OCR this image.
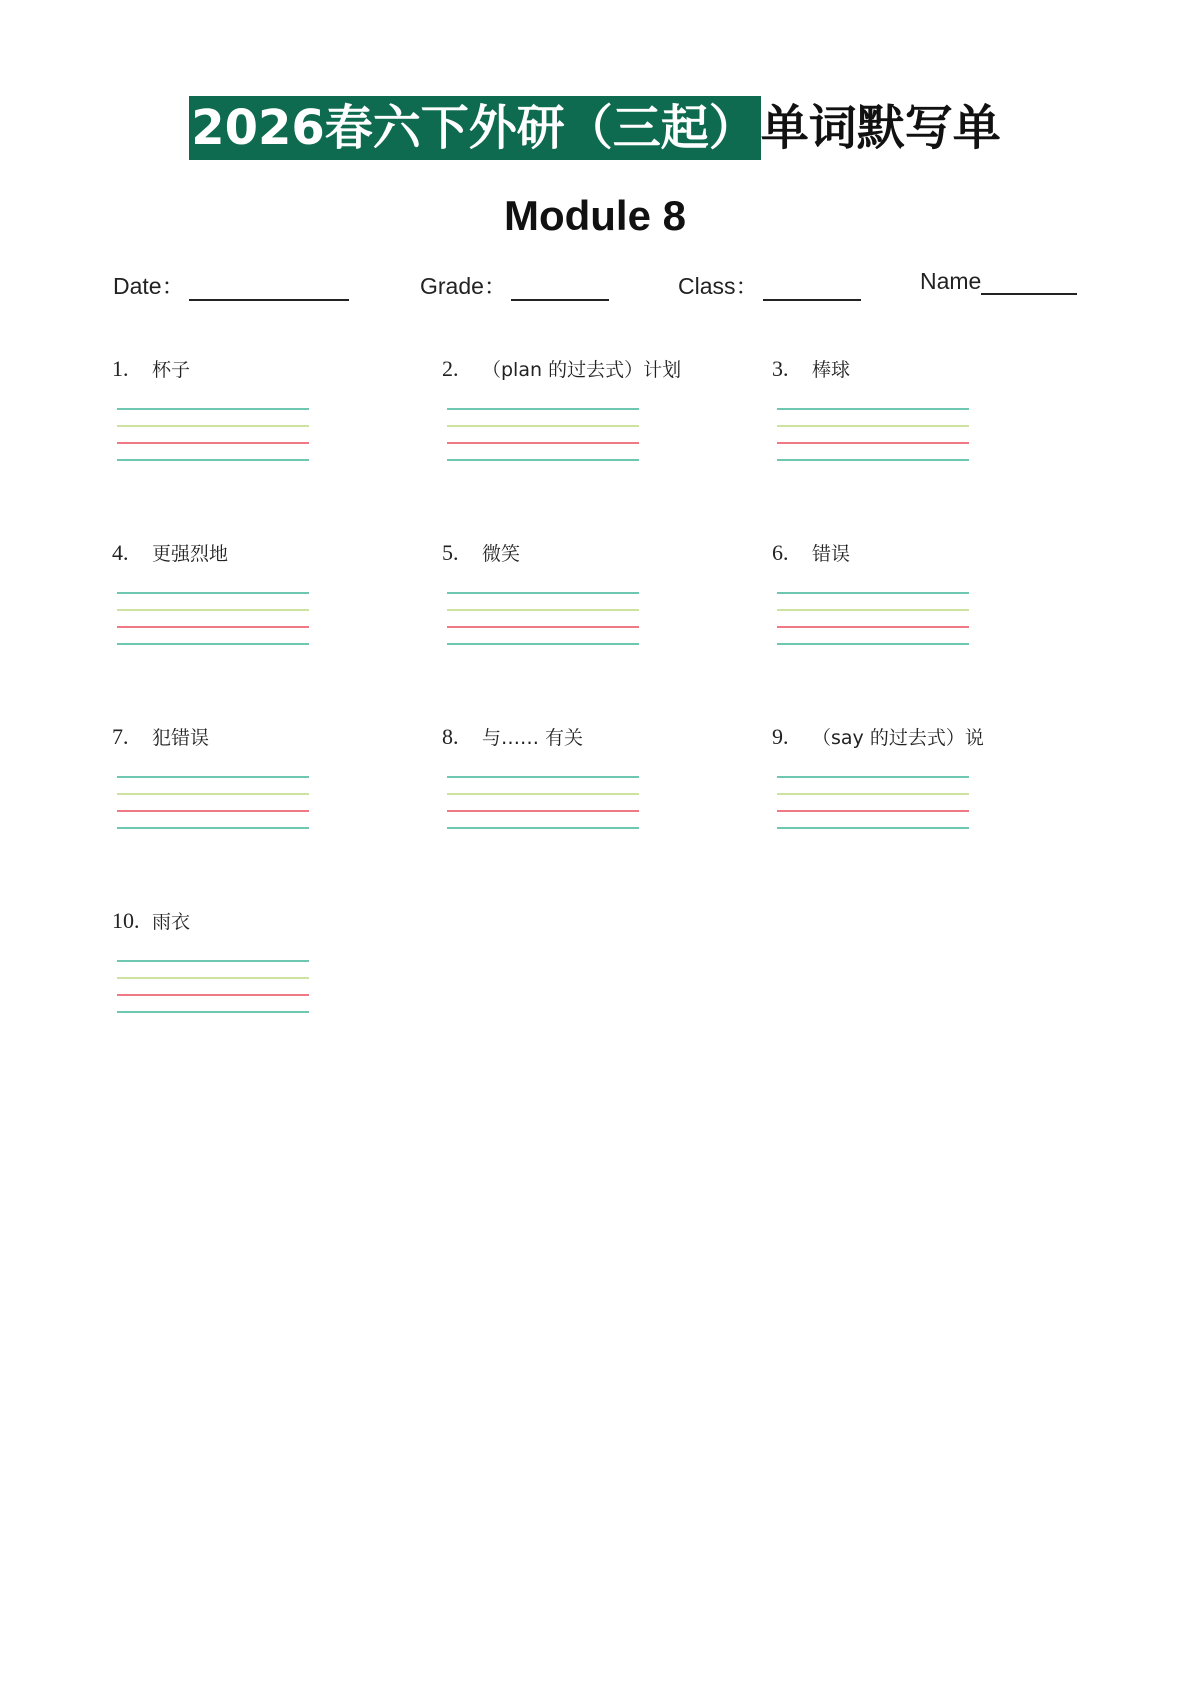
2026春六下外研（三起）单词默写单
Module 8
Date：	Grade：	Class：	Name
1. 杯子	2. （plan 的过去式）计划	3. 棒球
4. 更强烈地	5. 微笑	6. 错误
7. 犯错误	8. 与…… 有关	9. （say 的过去式）说
10. 雨衣
